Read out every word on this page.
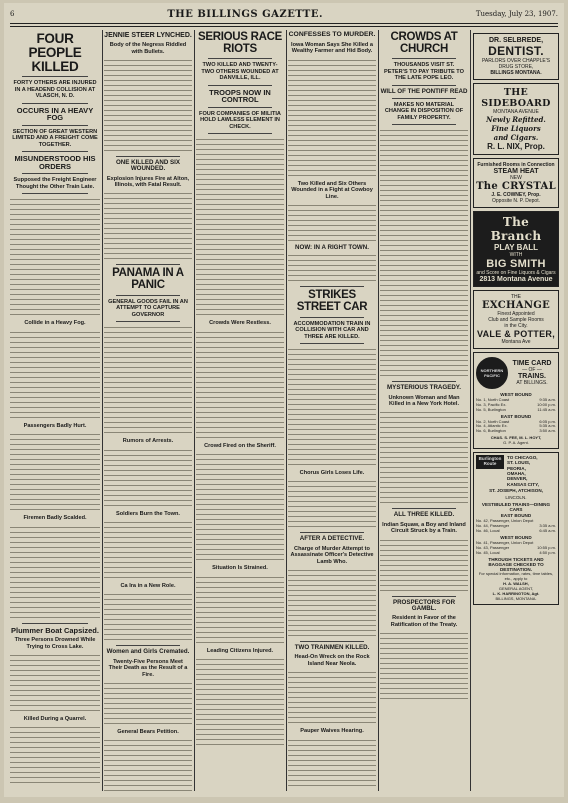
6	THE BILLINGS GAZETTE.	Tuesday, July 23, 1907.
FOUR PEOPLE KILLED
FORTY OTHERS ARE INJURED IN A HEADEND COLLISION AT VLASCH, N. D.
OCCURS IN A HEAVY FOG
SECTION OF GREAT WESTERN LIMITED AND A FREIGHT COME TOGETHER.
MISUNDERSTOOD HIS ORDERS
Supposed the Freight Engineer Thought the Other Train Late.
Collide in a Heavy Fog.
Passengers Badly Hurt.
Firemen Badly Scalded.
Plummer Boat Capsized.
Three Persons Drowned While Trying to Cross Lake.
Killed During a Quarrel.
JENNIE STEER LYNCHED.
Body of the Negress Riddled with Bullets.
ONE KILLED AND SIX WOUNDED.
Explosion Injures Fire at Alton, Illinois, with Fatal Result.
PANAMA IN A PANIC
GENERAL GOODS FAIL IN AN ATTEMPT TO CAPTURE GOVERNOR
Rumors of Arrests.
Soldiers Burn the Town.
Ca Ira in a New Role.
Women and Girls Cremated.
Twenty-Five Persons Meet Their Death as the Result of a Fire.
General Bears Petition.
SERIOUS RACE RIOTS
TWO KILLED AND TWENTY-TWO OTHERS WOUNDED AT DANVILLE, ILL.
TROOPS NOW IN CONTROL
FOUR COMPANIES OF MILITIA HOLD LAWLESS ELEMENT IN CHECK.
Crowds Were Restless.
Crowd Fired on the Sheriff.
Situation Is Strained.
Leading Citizens Injured.
CONFESSES TO MURDER.
Iowa Woman Says She Killed a Wealthy Farmer and Hid Body.
Two Killed and Six Others Wounded in a Fight at Cowboy Line.
NOW: IN A RIGHT TOWN.
STRIKES STREET CAR
ACCOMMODATION TRAIN IN COLLISION WITH CAR AND THREE ARE KILLED.
Chorus Girls Loses Life.
AFTER A DETECTIVE.
Charge of Murder Attempt to Assassinate Officer's Detective Lamb Who.
TWO TRAINMEN KILLED.
Head-On Wreck on the Rock Island Near Neola.
Pauper Waives Hearing.
CROWDS AT CHURCH
THOUSANDS VISIT ST. PETER'S TO PAY TRIBUTE TO THE LATE POPE LEO.
WILL OF THE PONTIFF READ
MAKES NO MATERIAL CHANGE IN DISPOSITION OF FAMILY PROPERTY.
MYSTERIOUS TRAGEDY.
Unknown Woman and Man Killed in a New York Hotel.
ALL THREE KILLED.
Indian Squaw, a Boy and Inland Circuit Struck by a Train.
PROSPECTORS FOR GAMBL.
Resident in Favor of the Ratification of the Treaty.
DR. SELBREDE,
DENTIST.
PARLORS OVER CHAPPLE'S DRUG STORE,
BILLINGS MONTANA.
THE SIDEBOARD
MONTANA AVENUE
Newly Refitted.
Fine Liquors
and Cigars.
R. L. NIX, Prop.
Furnished Rooms in Connection
STEAM HEAT
NEW
The CRYSTAL
J. E. COWNEY, Prop.
Opposite N. P. Depot.
The Branch
PLAY BALL
WITH
BIG SMITH
and Score on Fine Liquors & Cigars
2813 Montana Avenue
THE
EXCHANGE
Finest Appointed
Club and Sample Rooms
in the City.
VALE & POTTER,
Montana Ave
NORTHERN PACIFIC
TIME CARD
— OF —
TRAINS.
AT BILLINGS.
WEST BOUND
No. 1, North Coast	9:35 a.m.
No. 3, Pacific Ex.	10:00 p.m.
No. 5, Burlington	11:45 a.m.
EAST BOUND
No. 2, North Coast	6:05 p.m.
No. 4, Atlantic Ex.	5:35 a.m.
No. 6, Burlington	3:50 a.m.
CHAS. S. FEE, M. L. HOYT,
G. P. A. Agent.
Burlington Route
TO CHICAGO,
ST. LOUIS,
PEORIA,
OMAHA,
DENVER,
KANSAS CITY,
ST. JOSEPH, ATCHISON,
LINCOLN.
VESTIBULED TRAINS—DINING CARS
EAST BOUND
No. 42, Passenger, Union Depot
No. 44, Passenger	3:35 a.m.
No. 46, Local	6:45 a.m.
WEST BOUND
No. 41, Passenger, Union Depot
No. 43, Passenger	10:55 p.m.
No. 45, Local	4:50 p.m.
THROUGH TICKETS AND BAGGAGE CHECKED TO DESTINATION.
For special information, rates, time tables, etc., apply to
H. A. WALSH,
GENERAL AGENT,
L. K. HARRINGTON, Agt.
BILLINGS, MONTANA.
